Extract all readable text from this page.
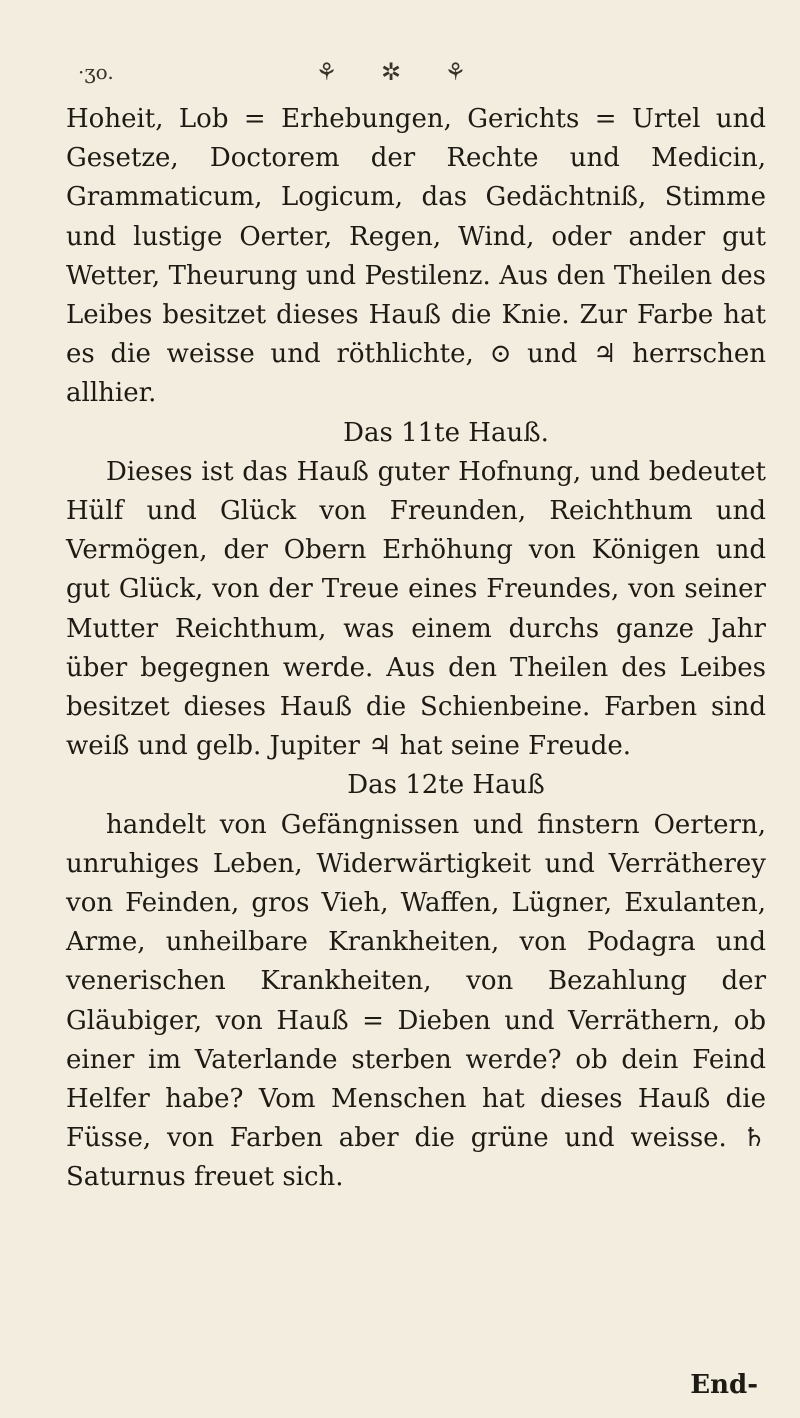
·ʒo.	⚘ ✲ ⚘

Hoheit, Lob = Erhebungen, Gerichts = Urtel und Gesetze, Doctorem der Rechte und Medicin, Grammaticum, Logicum, das Gedächtniß, Stimme und lustige Oerter, Regen, Wind, oder ander gut Wetter, Theurung und Pestilenz. Aus den Theilen des Leibes besitzet dieses Hauß die Knie. Zur Farbe hat es die weisse und röthlichte, ⊙ und ♃ herrschen allhier.

Das 11te Hauß.

Dieses ist das Hauß guter Hofnung, und bedeutet Hülf und Glück von Freunden, Reichthum und Vermögen, der Obern Erhöhung von Königen und gut Glück, von der Treue eines Freundes, von seiner Mutter Reichthum, was einem durchs ganze Jahr über begegnen werde. Aus den Theilen des Leibes besitzet dieses Hauß die Schienbeine. Farben sind weiß und gelb. Jupiter ♃ hat seine Freude.

Das 12te Hauß

handelt von Gefängnissen und finstern Oertern, unruhiges Leben, Widerwärtigkeit und Verrätherey von Feinden, gros Vieh, Waffen, Lügner, Exulanten, Arme, unheilbare Krankheiten, von Podagra und venerischen Krankheiten, von Bezahlung der Gläubiger, von Hauß = Dieben und Verräthern, ob einer im Vaterlande sterben werde? ob dein Feind Helfer habe? Vom Menschen hat dieses Hauß die Füsse, von Farben aber die grüne und weisse. ♄ Saturnus freuet sich.

End-
